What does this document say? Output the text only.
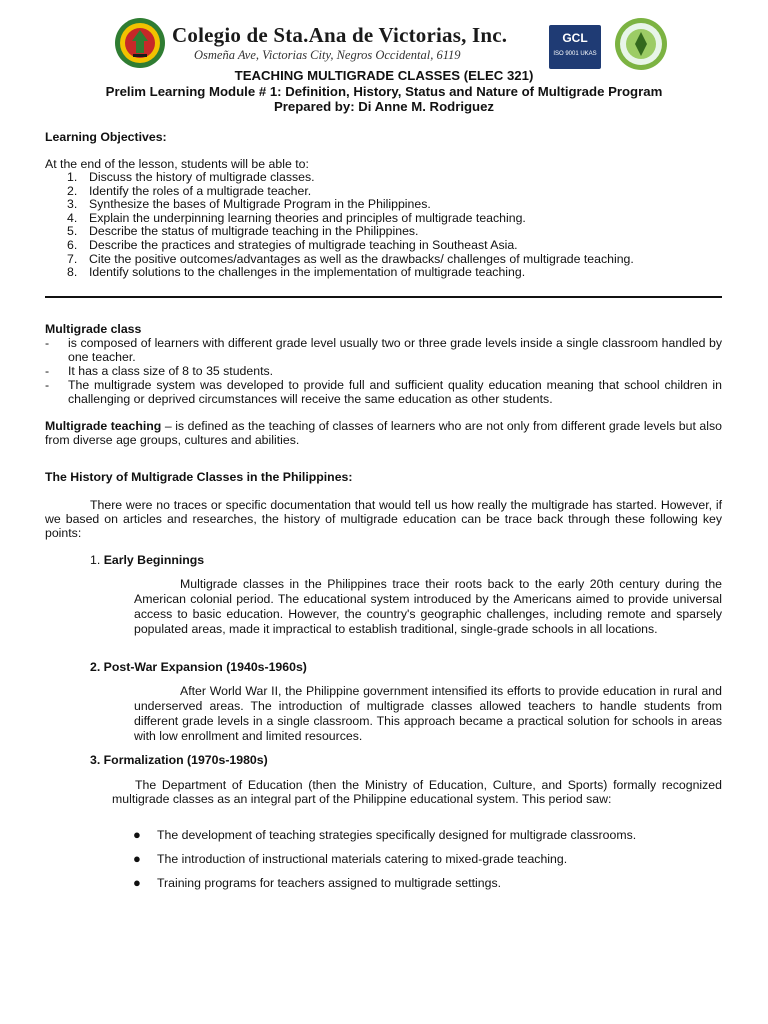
Colegio de Sta.Ana de Victorias, Inc.
Osmeña Ave, Victorias City, Negros Occidental, 6119
GCL
ISO 9001 UKAS
TEACHING MULTIGRADE CLASSES (ELEC 321)
Prelim Learning Module # 1: Definition, History, Status and Nature of Multigrade Program
Prepared by: Di Anne M. Rodriguez
Learning Objectives:
At the end of the lesson, students will be able to:
1. Discuss the history of multigrade classes.
2. Identify the roles of a multigrade teacher.
3. Synthesize the bases of Multigrade Program in the Philippines.
4. Explain the underpinning learning theories and principles of multigrade teaching.
5. Describe the status of multigrade teaching in the Philippines.
6. Describe the practices and strategies of multigrade teaching in Southeast Asia.
7. Cite the positive outcomes/advantages as well as the drawbacks/ challenges of multigrade teaching.
8. Identify solutions to the challenges in the implementation of multigrade teaching.
Multigrade class
-	is composed of learners with different grade level usually two or three grade levels inside a single classroom handled by one teacher.
-	It has a class size of 8 to 35 students.
-	The multigrade system was developed to provide full and sufficient quality education meaning that school children in challenging or deprived circumstances will receive the same education as other students.
Multigrade teaching – is defined as the teaching of classes of learners who are not only from different grade levels but also from diverse age groups, cultures and abilities.
The History of Multigrade Classes in the Philippines:
There were no traces or specific documentation that would tell us how really the multigrade has started. However, if we based on articles and researches, the history of multigrade education can be trace back through these following key points:
1. Early Beginnings
Multigrade classes in the Philippines trace their roots back to the early 20th century during the American colonial period. The educational system introduced by the Americans aimed to provide universal access to basic education. However, the country's geographic challenges, including remote and sparsely populated areas, made it impractical to establish traditional, single-grade schools in all locations.
2. Post-War Expansion (1940s-1960s)
After World War II, the Philippine government intensified its efforts to provide education in rural and underserved areas. The introduction of multigrade classes allowed teachers to handle students from different grade levels in a single classroom. This approach became a practical solution for schools in areas with low enrollment and limited resources.
3. Formalization (1970s-1980s)
The Department of Education (then the Ministry of Education, Culture, and Sports) formally recognized multigrade classes as an integral part of the Philippine educational system. This period saw:
●	The development of teaching strategies specifically designed for multigrade classrooms.
●	The introduction of instructional materials catering to mixed-grade teaching.
●	Training programs for teachers assigned to multigrade settings.
